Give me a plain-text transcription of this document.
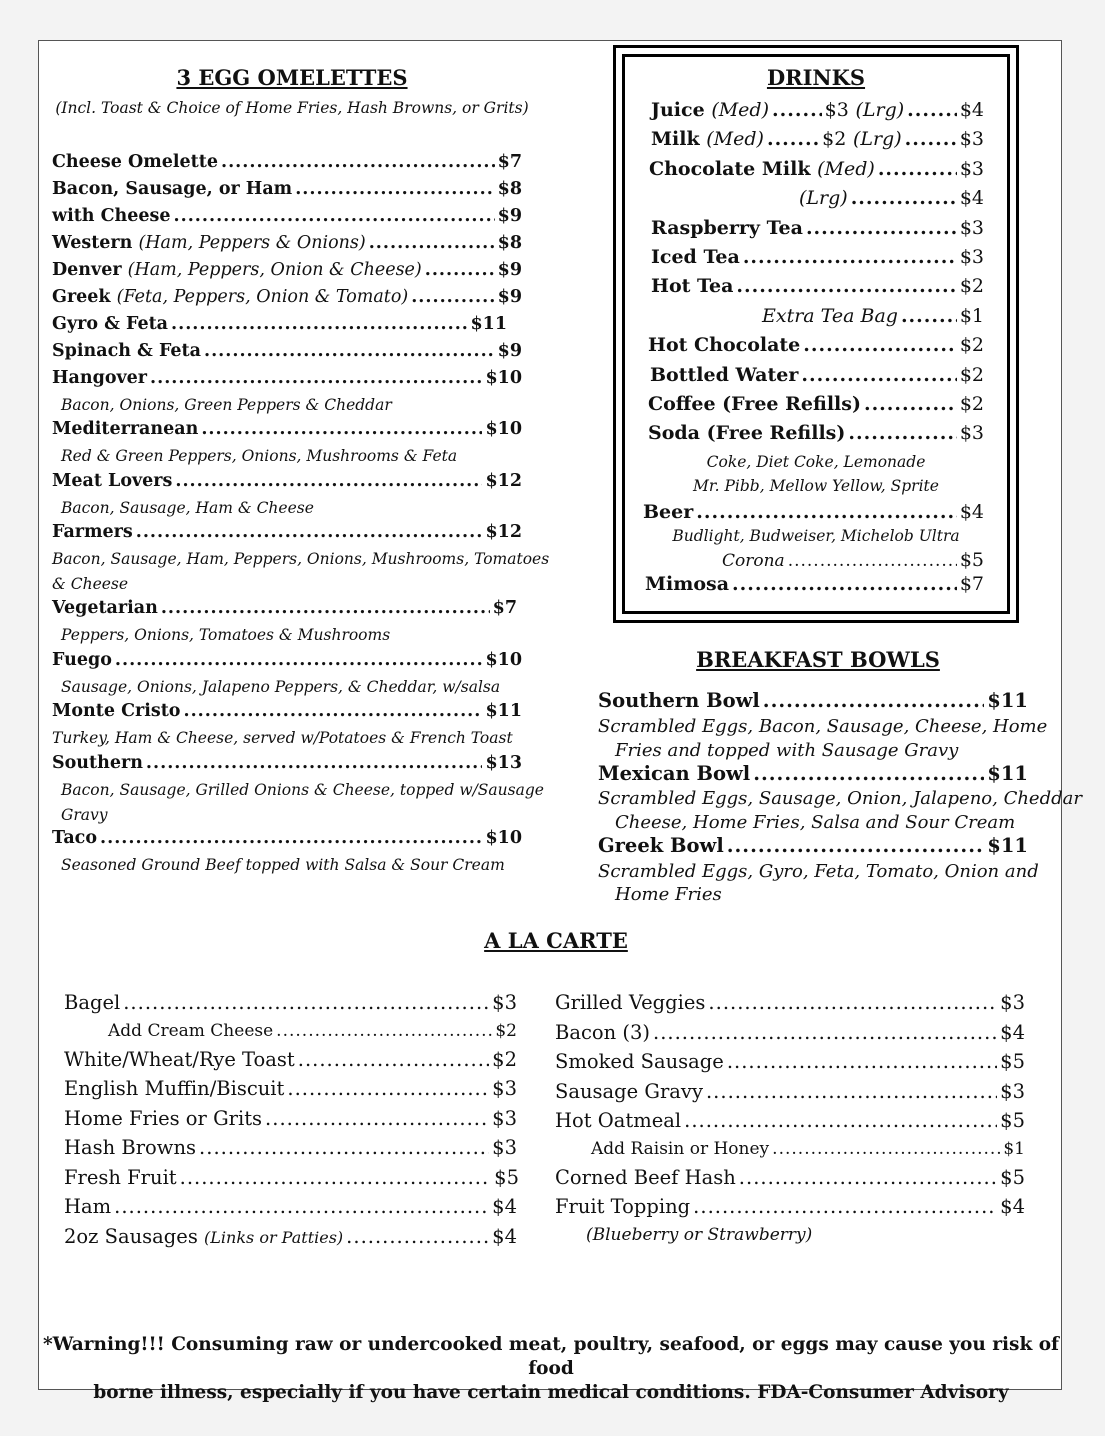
3 EGG OMELETTES
(Incl. Toast & Choice of Home Fries, Hash Browns, or Grits)
Cheese Omelette .....	$7
Bacon, Sausage, or Ham .....	$8
with Cheese .....	$9
Western
(Ham, Peppers & Onions) .....	$8
Denver
(Ham, Peppers, Onion & Cheese) .....	$9
Greek
(Feta, Peppers, Onion & Tomato) .....	$9
Gyro & Feta .....	$11
Spinach & Feta .....	$9
Hangover .....	$10
Bacon, Onions, Green Peppers & Cheddar
Mediterranean .....	$10
Red & Green Peppers, Onions, Mushrooms & Feta
Meat Lovers .....	$12
Bacon, Sausage, Ham & Cheese
Farmers .....	$12
Bacon, Sausage, Ham, Peppers, Onions, Mushrooms, Tomatoes
& Cheese
Vegetarian .....	$7
Peppers, Onions, Tomatoes & Mushrooms
Fuego .....	$10
Sausage, Onions, Jalapeno Peppers, & Cheddar, w/salsa
Monte Cristo .....	$11
Turkey, Ham & Cheese, served w/Potatoes & French Toast
Southern .....	$13
Bacon, Sausage, Grilled Onions & Cheese, topped w/Sausage
Gravy
Taco .....	$10
Seasoned Ground Beef topped with Salsa & Sour Cream
DRINKS
Juice
(Med) .....	$3
(Lrg) .....	$4
Milk
(Med) .....	$2
(Lrg) .....	$3
Chocolate Milk
(Med) .....	$3
(Lrg) .....	$4
Raspberry Tea .....	$3
Iced Tea .....	$3
Hot Tea .....	$2
Extra Tea Bag .....	$1
Hot Chocolate .....	$2
Bottled Water .....	$2
Coffee (Free Refills) .....	$2
Soda (Free Refills) .....	$3
Coke, Diet Coke, Lemonade
Mr. Pibb, Mellow Yellow, Sprite
Beer .....	$4
Budlight, Budweiser, Michelob Ultra
Corona .....	$5
Mimosa .....	$7
BREAKFAST BOWLS
Southern Bowl .....	$11
Scrambled Eggs, Bacon, Sausage, Cheese, Home
Fries and topped with Sausage Gravy
Mexican Bowl .....	$11
Scrambled Eggs, Sausage, Onion, Jalapeno, Cheddar
Cheese, Home Fries, Salsa and Sour Cream
Greek Bowl .....	$11
Scrambled Eggs, Gyro, Feta, Tomato, Onion and
Home Fries
A LA CARTE
Bagel .....	$3
Add Cream Cheese .....	$2
White/Wheat/Rye Toast .....	$2
English Muffin/Biscuit .....	$3
Home Fries or Grits .....	$3
Hash Browns .....	$3
Fresh Fruit .....	$5
Ham .....	$4
2oz Sausages
(Links or Patties) .....	$4
Grilled Veggies .....	$3
Bacon (3) .....	$4
Smoked Sausage .....	$5
Sausage Gravy .....	$3
Hot Oatmeal .....	$5
Add Raisin or Honey .....	$1
Corned Beef Hash .....	$5
Fruit Topping .....	$4
(Blueberry or Strawberry)
*Warning!!! Consuming raw or undercooked meat, poultry, seafood, or eggs may cause you risk of food
borne illness, especially if you have certain medical conditions. FDA-Consumer Advisory
